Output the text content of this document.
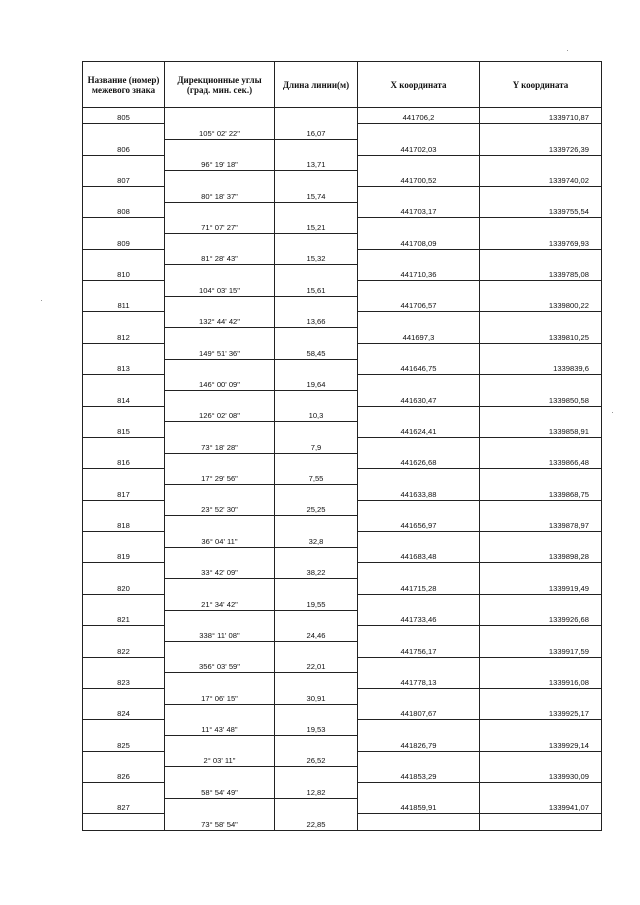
Название (номер) межевого знака	Дирекционные углы (град. мин. сек.)	Длина линии(м)	X координата	Y координата
805			441706,2	1339710,87
	105° 02' 22"	16,07		
806			441702,03	1339726,39
	96° 19' 18"	13,71		
807			441700,52	1339740,02
	80° 18' 37"	15,74		
808			441703,17	1339755,54
	71° 07' 27"	15,21		
809			441708,09	1339769,93
	81° 28' 43"	15,32		
810			441710,36	1339785,08
	104° 03' 15"	15,61		
811			441706,57	1339800,22
	132° 44' 42"	13,66		
812			441697,3	1339810,25
	149° 51' 36"	58,45		
813			441646,75	1339839,6
	146° 00' 09"	19,64		
814			441630,47	1339850,58
	126° 02' 08"	10,3		
815			441624,41	1339858,91
	73° 18' 28"	7,9		
816			441626,68	1339866,48
	17° 29' 56"	7,55		
817			441633,88	1339868,75
	23° 52' 30"	25,25		
818			441656,97	1339878,97
	36° 04' 11"	32,8		
819			441683,48	1339898,28
	33° 42' 09"	38,22		
820			441715,28	1339919,49
	21° 34' 42"	19,55		
821			441733,46	1339926,68
	338° 11' 08"	24,46		
822			441756,17	1339917,59
	356° 03' 59"	22,01		
823			441778,13	1339916,08
	17° 06' 15"	30,91		
824			441807,67	1339925,17
	11° 43' 48"	19,53		
825			441826,79	1339929,14
	2° 03' 11"	26,52		
826			441853,29	1339930,09
	58° 54' 49"	12,82		
827			441859,91	1339941,07
	73° 58' 54"	22,85		
